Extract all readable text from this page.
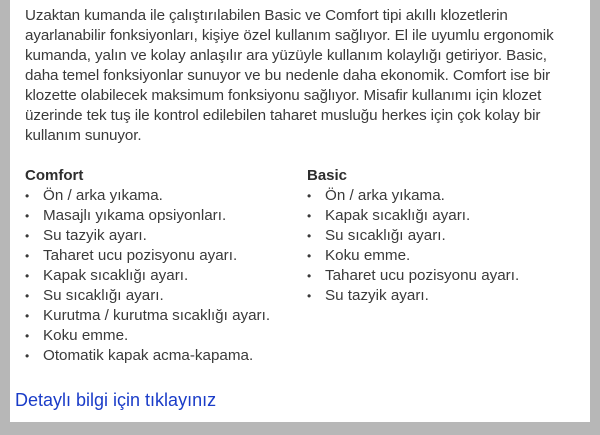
Uzaktan kumanda ile çalıştırılabilen Basic ve Comfort tipi akıllı klozetlerin ayarlanabilir fonksiyonları, kişiye özel kullanım sağlıyor. El ile uyumlu ergonomik kumanda, yalın ve kolay anlaşılır ara yüzüyle kullanım kolaylığı getiriyor. Basic, daha temel fonksiyonlar sunuyor ve bu nedenle daha ekonomik. Comfort ise bir klozette olabilecek maksimum fonksiyonu sağlıyor. Misafir kullanımı için klozet üzerinde tek tuş ile kontrol edilebilen taharet musluğu herkes için çok kolay bir kullanım sunuyor.

Comfort
• Ön / arka yıkama.
• Masajlı yıkama opsiyonları.
• Su tazyik ayarı.
• Taharet ucu pozisyonu ayarı.
• Kapak sıcaklığı ayarı.
• Su sıcaklığı ayarı.
• Kurutma / kurutma sıcaklığı ayarı.
• Koku emme.
• Otomatik kapak acma-kapama.
Basic
• Ön / arka yıkama.
• Kapak sıcaklığı ayarı.
• Su sıcaklığı ayarı.
• Koku emme.
• Taharet ucu pozisyonu ayarı.
• Su tazyik ayarı.
Detaylı bilgi için tıklayınız
